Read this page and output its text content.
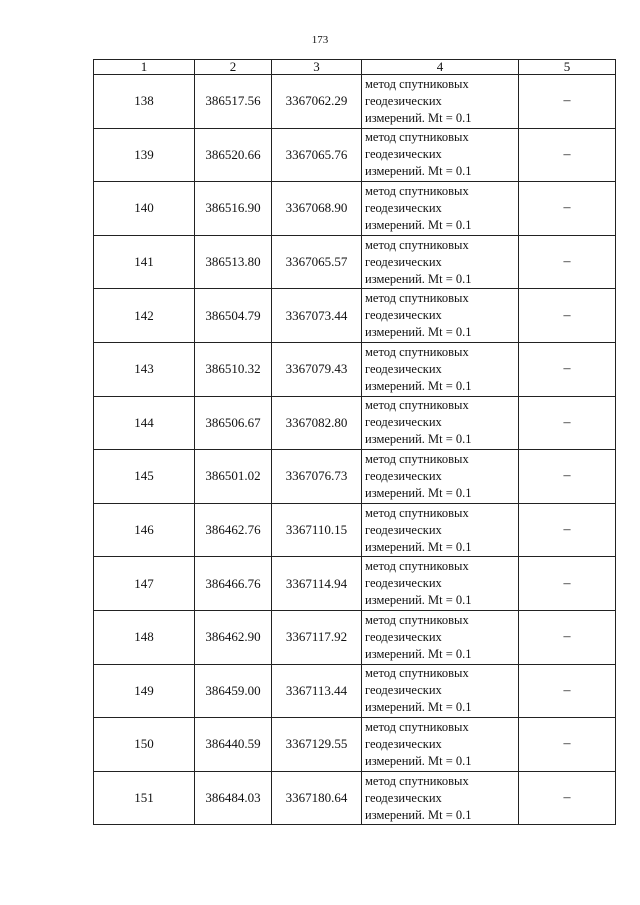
173
1	2	3	4	5
138	386517.56	3367062.29	метод спутниковых
геодезических
измерений. Mt = 0.1	–
139	386520.66	3367065.76	метод спутниковых
геодезических
измерений. Mt = 0.1	–
140	386516.90	3367068.90	метод спутниковых
геодезических
измерений. Mt = 0.1	–
141	386513.80	3367065.57	метод спутниковых
геодезических
измерений. Mt = 0.1	–
142	386504.79	3367073.44	метод спутниковых
геодезических
измерений. Mt = 0.1	–
143	386510.32	3367079.43	метод спутниковых
геодезических
измерений. Mt = 0.1	–
144	386506.67	3367082.80	метод спутниковых
геодезических
измерений. Mt = 0.1	–
145	386501.02	3367076.73	метод спутниковых
геодезических
измерений. Mt = 0.1	–
146	386462.76	3367110.15	метод спутниковых
геодезических
измерений. Mt = 0.1	–
147	386466.76	3367114.94	метод спутниковых
геодезических
измерений. Mt = 0.1	–
148	386462.90	3367117.92	метод спутниковых
геодезических
измерений. Mt = 0.1	–
149	386459.00	3367113.44	метод спутниковых
геодезических
измерений. Mt = 0.1	–
150	386440.59	3367129.55	метод спутниковых
геодезических
измерений. Mt = 0.1	–
151	386484.03	3367180.64	метод спутниковых
геодезических
измерений. Mt = 0.1	–
